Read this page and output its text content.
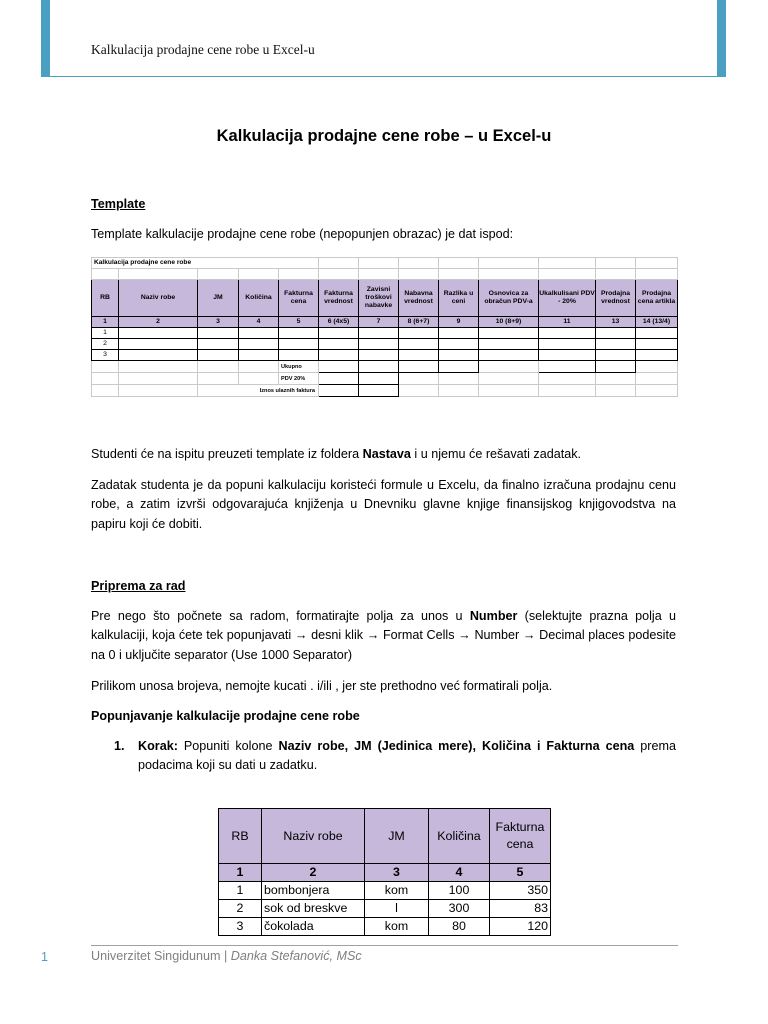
Kalkulacija prodajne cene robe u Excel-u
Kalkulacija prodajne cene robe – u Excel-u
Template
Template kalkulacije prodajne cene robe (nepopunjen obrazac) je dat ispod:
Kalkulacija prodajne cene robe												

RB	Naziv robe	JM	Količina	Fakturna cena	Fakturna vrednost	Zavisni troškovi nabavke	Nabavna vrednost	Razlika u ceni	Osnovica za obračun PDV-a	Ukalkulisani PDV - 20%	Prodajna vrednost	Prodajna cena artikla
1	2	3	4	5	6 (4x5)	7	8 (6+7)	9	10 (8+9)	11	13	14 (13/4)
1												
2												
3												
				Ukupno								
				PDV 20%								
		Iznos ulaznih faktura										
Studenti će na ispitu preuzeti template iz foldera Nastava i u njemu će rešavati zadatak.
Zadatak studenta je da popuni kalkulaciju koristeći formule u Excelu, da finalno izračuna prodajnu cenu robe, a zatim izvrši odgovarajuća knjiženja u Dnevniku glavne knjige finansijskog knjigovodstva na papiru koji će dobiti.
Priprema za rad
Pre nego što počnete sa radom, formatirajte polja za unos u Number (selektujte prazna polja u kalkulaciji, koja ćete tek popunjavati → desni klik → Format Cells → Number → Decimal places podesite na 0 i uključite separator (Use 1000 Separator)
Prilikom unosa brojeva, nemojte kucati . i/ili , jer ste prethodno već formatirali polja.
Popunjavanje kalkulacije prodajne cene robe
1. Korak: Popuniti kolone Naziv robe, JM (Jedinica mere), Količina i Fakturna cena prema podacima koji su dati u zadatku.
RB	Naziv robe	JM	Količina	Fakturna cena
1	2	3	4	5
1	bombonjera	kom	100	350
2	sok od breskve	l	300	83
3	čokolada	kom	80	120
1	Univerzitet Singidunum | Danka Stefanović, MSc
